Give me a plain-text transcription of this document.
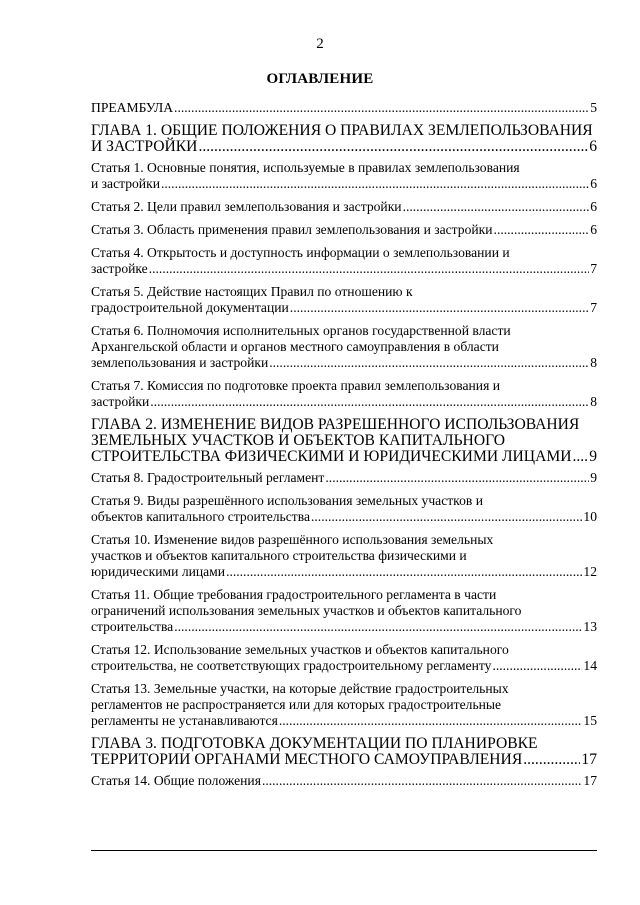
2
ОГЛАВЛЕНИЕ
ПРЕАМБУЛА .....	5
ГЛАВА 1. ОБЩИЕ ПОЛОЖЕНИЯ О ПРАВИЛАХ ЗЕМЛЕПОЛЬЗОВАНИЯ
И ЗАСТРОЙКИ .....	6
Статья 1. Основные понятия, используемые в правилах землепользования
и застройки .....	6
Статья 2. Цели правил землепользования и застройки .....	6
Статья 3. Область применения правил землепользования и застройки .....	6
Статья 4. Открытость и доступность информации о землепользовании и
застройке .....	7
Статья 5. Действие настоящих Правил по отношению к
градостроительной документации .....	7
Статья 6. Полномочия исполнительных органов государственной власти
Архангельской области и органов местного самоуправления в области
землепользования и застройки .....	8
Статья 7. Комиссия по подготовке проекта правил землепользования и
застройки .....	8
ГЛАВА 2. ИЗМЕНЕНИЕ ВИДОВ РАЗРЕШЕННОГО ИСПОЛЬЗОВАНИЯ
ЗЕМЕЛЬНЫХ УЧАСТКОВ И ОБЪЕКТОВ КАПИТАЛЬНОГО
СТРОИТЕЛЬСТВА ФИЗИЧЕСКИМИ И ЮРИДИЧЕСКИМИ ЛИЦАМИ ..... 9
Статья 8. Градостроительный регламент .....	9
Статья 9. Виды разрешённого использования земельных участков и
объектов капитального строительства .....	10
Статья 10. Изменение видов разрешённого использования земельных
участков и объектов капитального строительства физическими и
юридическими лицами .....	12
Статья 11. Общие требования градостроительного регламента в части
ограничений использования земельных участков и объектов капитального
строительства .....	13
Статья 12. Использование земельных участков и объектов капитального
строительства, не соответствующих градостроительному регламенту .....	14
Статья 13. Земельные участки, на которые действие градостроительных
регламентов не распространяется или для которых градостроительные
регламенты не устанавливаются .....	15
ГЛАВА 3. ПОДГОТОВКА ДОКУМЕНТАЦИИ ПО ПЛАНИРОВКЕ
ТЕРРИТОРИИ ОРГАНАМИ МЕСТНОГО САМОУПРАВЛЕНИЯ .....	17
Статья 14. Общие положения .....	17
